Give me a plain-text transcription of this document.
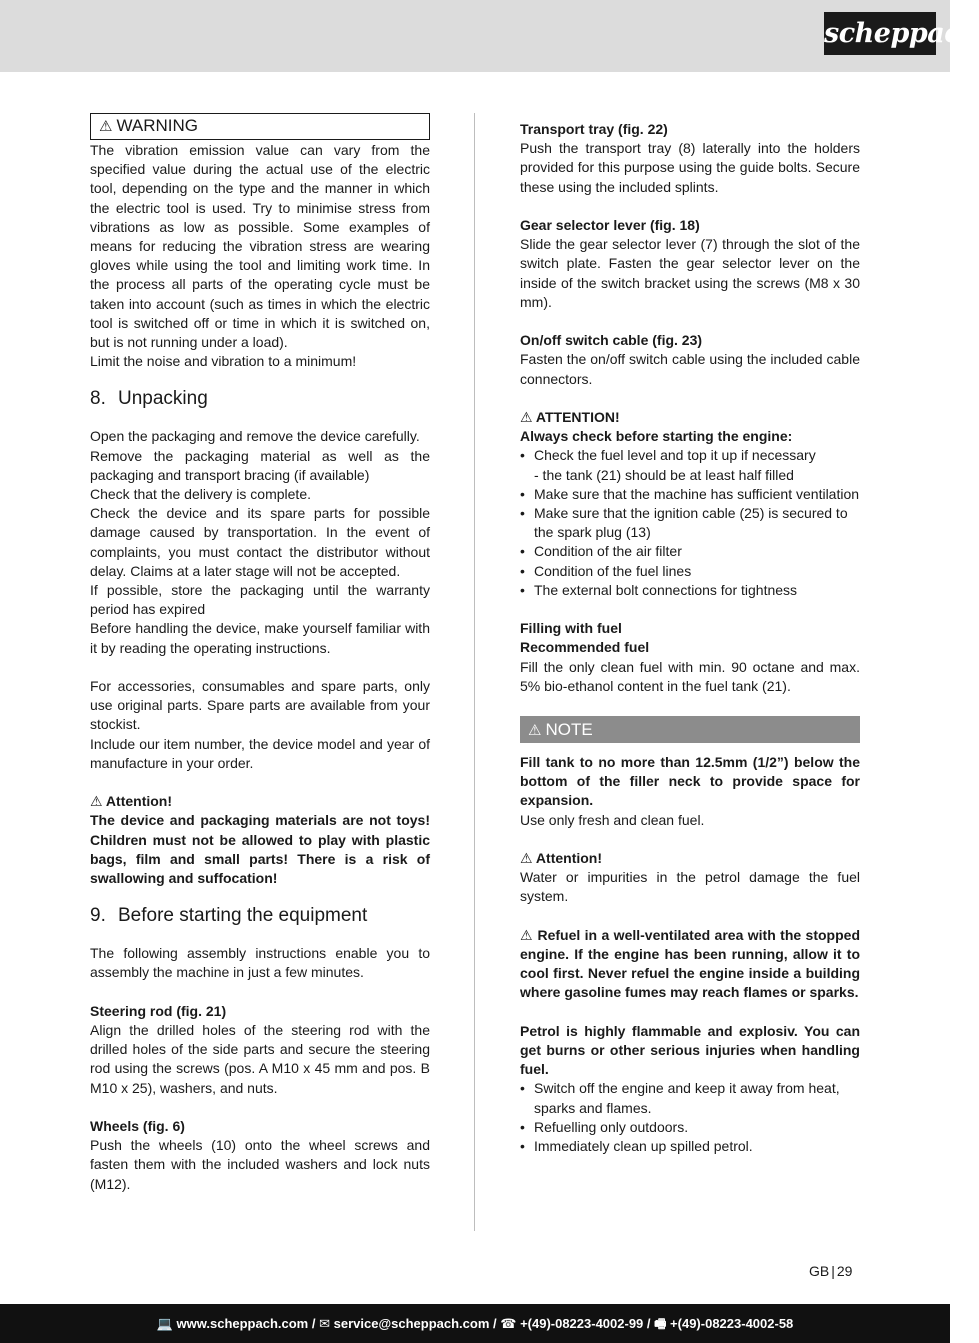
scheppach
⚠ WARNING

The vibration emission value can vary from the specified value during the actual use of the electric tool, depending on the type and the manner in which the electric tool is used. Try to minimise stress from vibrations as low as possible. Some examples of means for reducing the vibration stress are wearing gloves while using the tool and limiting work time. In the process all parts of the operating cycle must be taken into account (such as times in which the electric tool is switched off or time in which it is switched on, but is not running under a load).

Limit the noise and vibration to a minimum!

8. Unpacking

Open the packaging and remove the device carefully.

Remove the packaging material as well as the packaging and transport bracing (if available)

Check that the delivery is complete.

Check the device and its spare parts for possible damage caused by transportation. In the event of complaints, you must contact the distributor without delay. Claims at a later stage will not be accepted.

If possible, store the packaging until the warranty period has expired

Before handling the device, make yourself familiar with it by reading the operating instructions.

For accessories, consumables and spare parts, only use original parts. Spare parts are available from your stockist.

Include our item number, the device model and year of manufacture in your order.

⚠ Attention!

The device and packaging materials are not toys! Children must not be allowed to play with plastic bags, film and small parts! There is a risk of swallowing and suffocation!

9. Before starting the equipment

The following assembly instructions enable you to assembly the machine in just a few minutes.

Steering rod (fig. 21)

Align the drilled holes of the steering rod with the drilled holes of the side parts and secure the steering rod using the screws (pos. A M10 x 45 mm and pos. B M10 x 25), washers, and nuts.

Wheels (fig. 6)

Push the wheels (10) onto the wheel screws and fasten them with the included washers and lock nuts (M12).

Transport tray (fig. 22)

Push the transport tray (8) laterally into the holders provided for this purpose using the guide bolts. Secure these using the included splints.

Gear selector lever (fig. 18)

Slide the gear selector lever (7) through the slot of the switch plate. Fasten the gear selector lever on the inside of the switch bracket using the screws (M8 x 30 mm).

On/off switch cable (fig. 23)

Fasten the on/off switch cable using the included cable connectors.

⚠ ATTENTION!

Always check before starting the engine:

• Check the fuel level and top it up if necessary
- the tank (21) should be at least half filled
• Make sure that the machine has sufficient ventilation
• Make sure that the ignition cable (25) is secured to the spark plug (13)
• Condition of the air filter
• Condition of the fuel lines
• The external bolt connections for tightness

Filling with fuel

Recommended fuel

Fill the only clean fuel with min. 90 octane and max. 5% bio-ethanol content in the fuel tank (21).

⚠ NOTE

Fill tank to no more than 12.5mm (1/2”) below the bottom of the filler neck to provide space for expansion.

Use only fresh and clean fuel.

⚠ Attention!

Water or impurities in the petrol damage the fuel system.

⚠ Refuel in a well-ventilated area with the stopped engine. If the engine has been running, allow it to cool first. Never refuel the engine inside a building where gasoline fumes may reach flames or sparks.

Petrol is highly flammable and explosiv. You can get burns or other serious injuries when handling fuel.

• Switch off the engine and keep it away from heat, sparks and flames.
• Refuelling only outdoors.
• Immediately clean up spilled petrol.
GB | 29
💻 www.scheppach.com / ✉ service@scheppach.com / ☎ +(49)-08223-4002-99 / 🖷 +(49)-08223-4002-58
